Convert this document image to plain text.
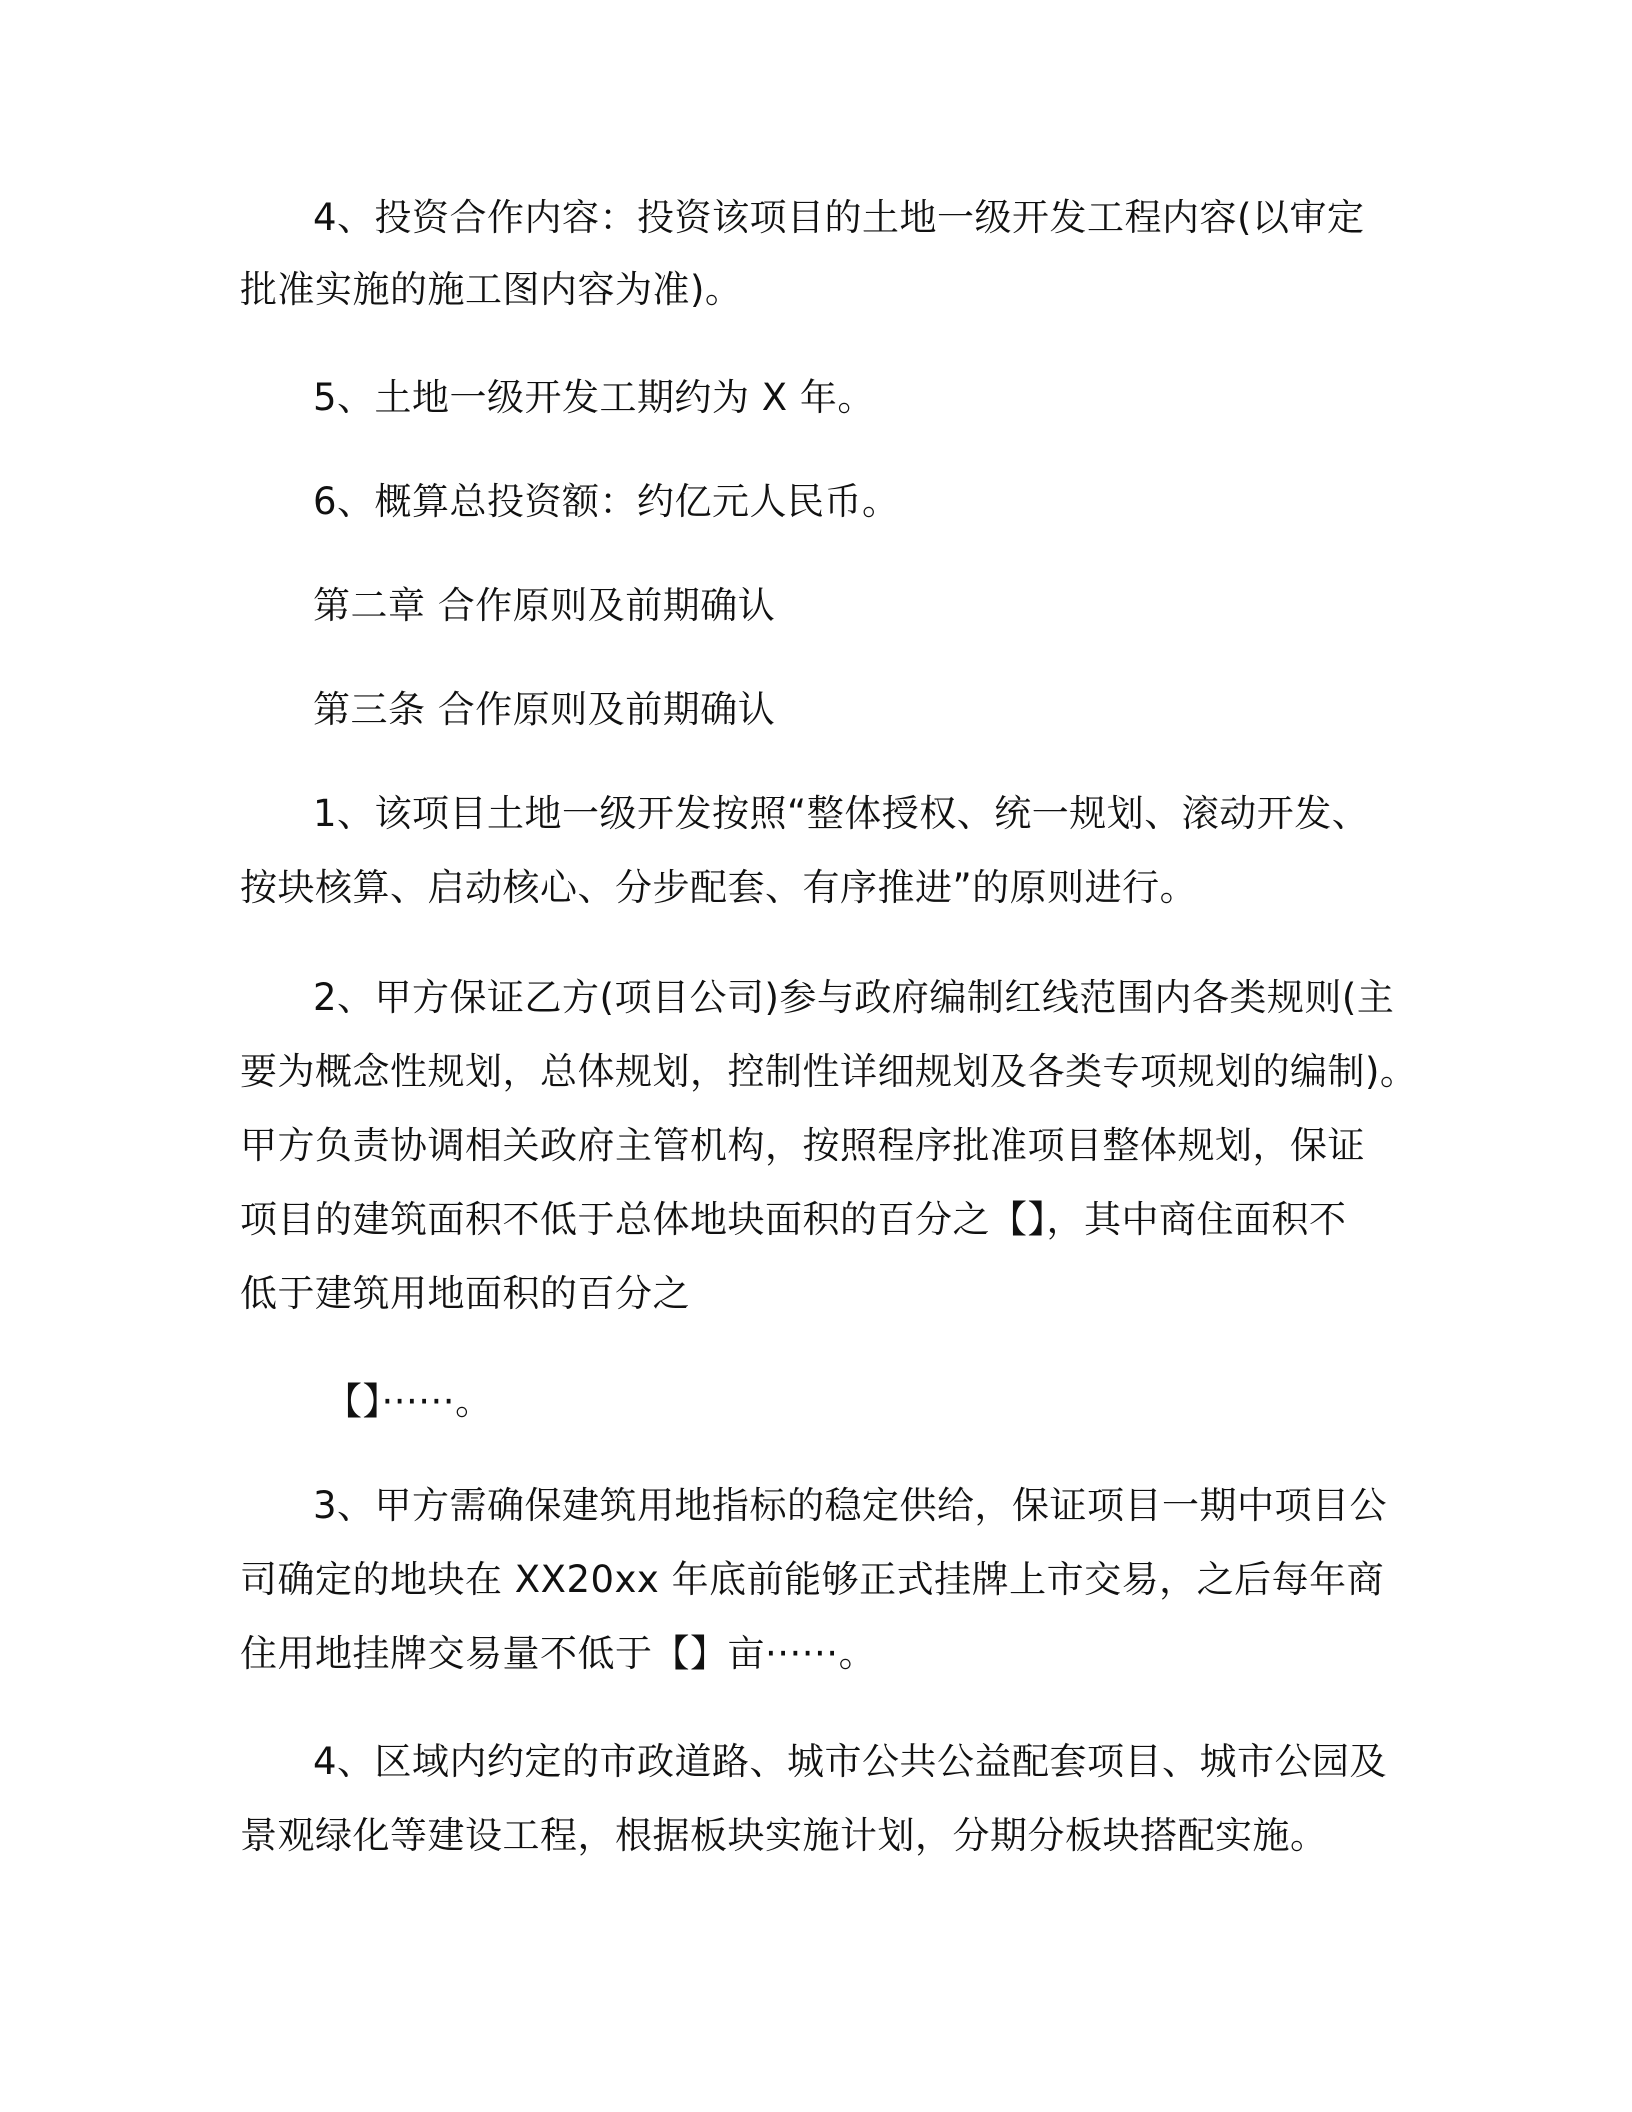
4、投资合作内容：投资该项目的土地一级开发工程内容(以审定
批准实施的施工图内容为准)。
5、土地一级开发工期约为 X 年。
6、概算总投资额：约亿元人民币。
第二章 合作原则及前期确认
第三条 合作原则及前期确认
1、该项目土地一级开发按照“整体授权、统一规划、滚动开发、
按块核算、启动核心、分步配套、有序推进”的原则进行。
2、甲方保证乙方(项目公司)参与政府编制红线范围内各类规则(主
要为概念性规划，总体规划，控制性详细规划及各类专项规划的编制)。
甲方负责协调相关政府主管机构，按照程序批准项目整体规划，保证
项目的建筑面积不低于总体地块面积的百分之【】，其中商住面积不
低于建筑用地面积的百分之
【】······。
3、甲方需确保建筑用地指标的稳定供给，保证项目一期中项目公
司确定的地块在 XX20xx 年底前能够正式挂牌上市交易，之后每年商
住用地挂牌交易量不低于【】亩······。
4、区域内约定的市政道路、城市公共公益配套项目、城市公园及
景观绿化等建设工程，根据板块实施计划，分期分板块搭配实施。
